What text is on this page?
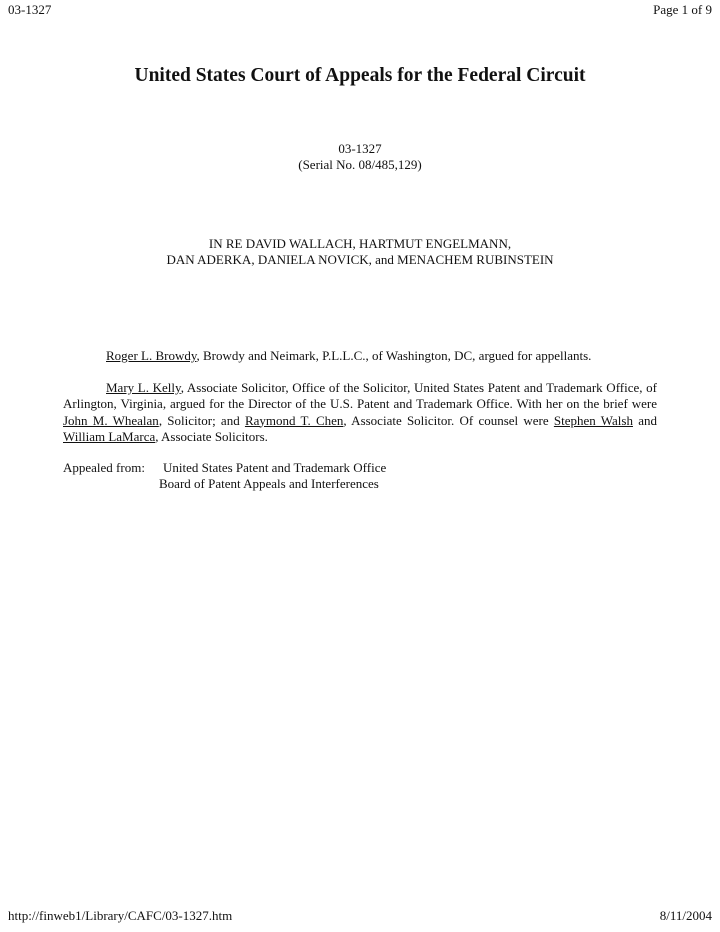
03-1327	Page 1 of 9
United States Court of Appeals for the Federal Circuit
03-1327
(Serial No. 08/485,129)
IN RE DAVID WALLACH, HARTMUT ENGELMANN,
DAN ADERKA, DANIELA NOVICK, and MENACHEM RUBINSTEIN
Roger L. Browdy, Browdy and Neimark, P.L.L.C., of Washington, DC, argued for appellants.
Mary L. Kelly, Associate Solicitor, Office of the Solicitor, United States Patent and Trademark Office, of Arlington, Virginia, argued for the Director of the U.S. Patent and Trademark Office. With her on the brief were John M. Whealan, Solicitor; and Raymond T. Chen, Associate Solicitor. Of counsel were Stephen Walsh and William LaMarca, Associate Solicitors.
Appealed from: United States Patent and Trademark Office
Board of Patent Appeals and Interferences
http://finweb1/Library/CAFC/03-1327.htm	8/11/2004
